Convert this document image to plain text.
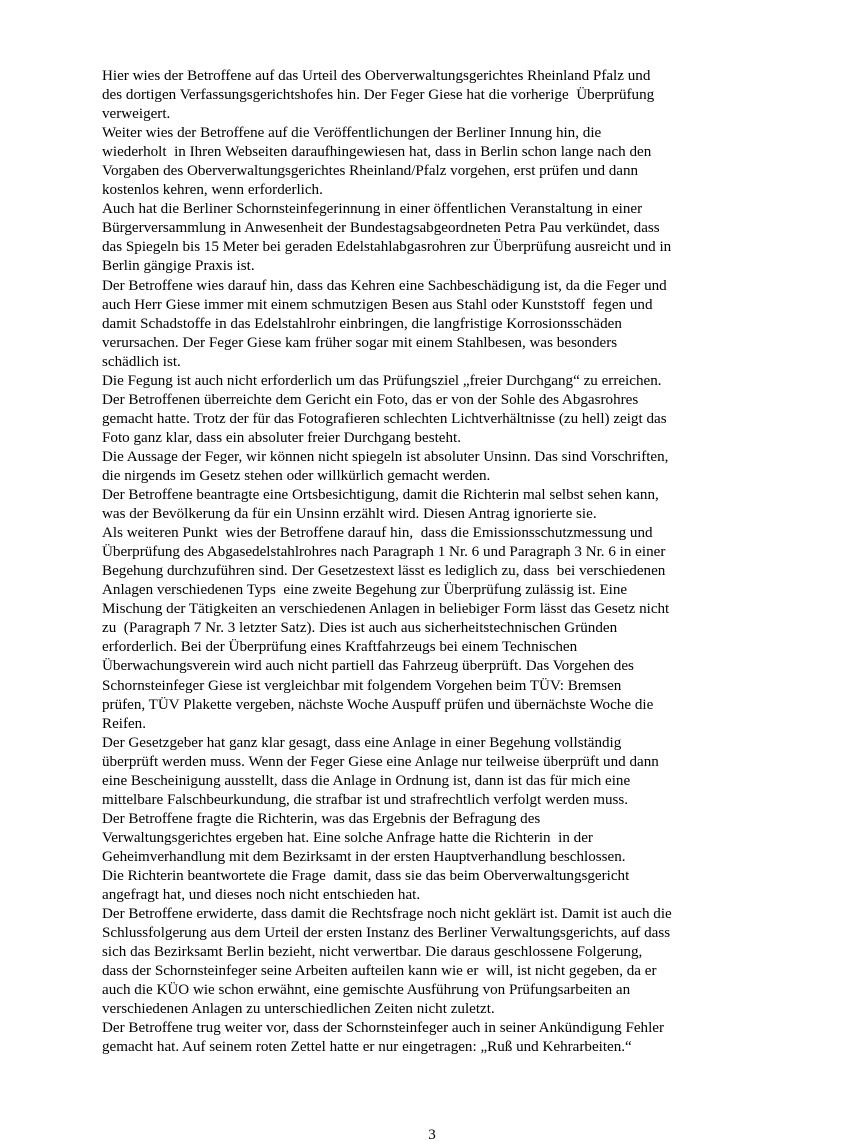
Hier wies der Betroffene auf das Urteil des Oberverwaltungsgerichtes Rheinland Pfalz und
des dortigen Verfassungsgerichtshofes hin. Der Feger Giese hat die vorherige  Überprüfung
verweigert.
Weiter wies der Betroffene auf die Veröffentlichungen der Berliner Innung hin, die
wiederholt  in Ihren Webseiten daraufhingewiesen hat, dass in Berlin schon lange nach den
Vorgaben des Oberverwaltungsgerichtes Rheinland/Pfalz vorgehen, erst prüfen und dann
kostenlos kehren, wenn erforderlich.
Auch hat die Berliner Schornsteinfegerinnung in einer öffentlichen Veranstaltung in einer
Bürgerversammlung in Anwesenheit der Bundestagsabgeordneten Petra Pau verkündet, dass
das Spiegeln bis 15 Meter bei geraden Edelstahlabgasrohren zur Überprüfung ausreicht und in
Berlin gängige Praxis ist.
Der Betroffene wies darauf hin, dass das Kehren eine Sachbeschädigung ist, da die Feger und
auch Herr Giese immer mit einem schmutzigen Besen aus Stahl oder Kunststoff  fegen und
damit Schadstoffe in das Edelstahlrohr einbringen, die langfristige Korrosionsschäden
verursachen. Der Feger Giese kam früher sogar mit einem Stahlbesen, was besonders
schädlich ist.
Die Fegung ist auch nicht erforderlich um das Prüfungsziel „freier Durchgang“ zu erreichen.
Der Betroffenen überreichte dem Gericht ein Foto, das er von der Sohle des Abgasrohres
gemacht hatte. Trotz der für das Fotografieren schlechten Lichtverhältnisse (zu hell) zeigt das
Foto ganz klar, dass ein absoluter freier Durchgang besteht.
Die Aussage der Feger, wir können nicht spiegeln ist absoluter Unsinn. Das sind Vorschriften,
die nirgends im Gesetz stehen oder willkürlich gemacht werden.
Der Betroffene beantragte eine Ortsbesichtigung, damit die Richterin mal selbst sehen kann,
was der Bevölkerung da für ein Unsinn erzählt wird. Diesen Antrag ignorierte sie.
Als weiteren Punkt  wies der Betroffene darauf hin,  dass die Emissionsschutzmessung und
Überprüfung des Abgasedelstahlrohres nach Paragraph 1 Nr. 6 und Paragraph 3 Nr. 6 in einer
Begehung durchzuführen sind. Der Gesetzestext lässt es lediglich zu, dass  bei verschiedenen
Anlagen verschiedenen Typs  eine zweite Begehung zur Überprüfung zulässig ist. Eine
Mischung der Tätigkeiten an verschiedenen Anlagen in beliebiger Form lässt das Gesetz nicht
zu  (Paragraph 7 Nr. 3 letzter Satz). Dies ist auch aus sicherheitstechnischen Gründen
erforderlich. Bei der Überprüfung eines Kraftfahrzeugs bei einem Technischen
Überwachungsverein wird auch nicht partiell das Fahrzeug überprüft. Das Vorgehen des
Schornsteinfeger Giese ist vergleichbar mit folgendem Vorgehen beim TÜV: Bremsen
prüfen, TÜV Plakette vergeben, nächste Woche Auspuff prüfen und übernächste Woche die
Reifen.
Der Gesetzgeber hat ganz klar gesagt, dass eine Anlage in einer Begehung vollständig
überprüft werden muss. Wenn der Feger Giese eine Anlage nur teilweise überprüft und dann
eine Bescheinigung ausstellt, dass die Anlage in Ordnung ist, dann ist das für mich eine
mittelbare Falschbeurkundung, die strafbar ist und strafrechtlich verfolgt werden muss.
Der Betroffene fragte die Richterin, was das Ergebnis der Befragung des
Verwaltungsgerichtes ergeben hat. Eine solche Anfrage hatte die Richterin  in der
Geheimverhandlung mit dem Bezirksamt in der ersten Hauptverhandlung beschlossen.
Die Richterin beantwortete die Frage  damit, dass sie das beim Oberverwaltungsgericht
angefragt hat, und dieses noch nicht entschieden hat.
Der Betroffene erwiderte, dass damit die Rechtsfrage noch nicht geklärt ist. Damit ist auch die
Schlussfolgerung aus dem Urteil der ersten Instanz des Berliner Verwaltungsgerichts, auf dass
sich das Bezirksamt Berlin bezieht, nicht verwertbar. Die daraus geschlossene Folgerung,
dass der Schornsteinfeger seine Arbeiten aufteilen kann wie er  will, ist nicht gegeben, da er
auch die KÜO wie schon erwähnt, eine gemischte Ausführung von Prüfungsarbeiten an
verschiedenen Anlagen zu unterschiedlichen Zeiten nicht zuletzt.
Der Betroffene trug weiter vor, dass der Schornsteinfeger auch in seiner Ankündigung Fehler
gemacht hat. Auf seinem roten Zettel hatte er nur eingetragen: „Ruß und Kehrarbeiten.“
3
